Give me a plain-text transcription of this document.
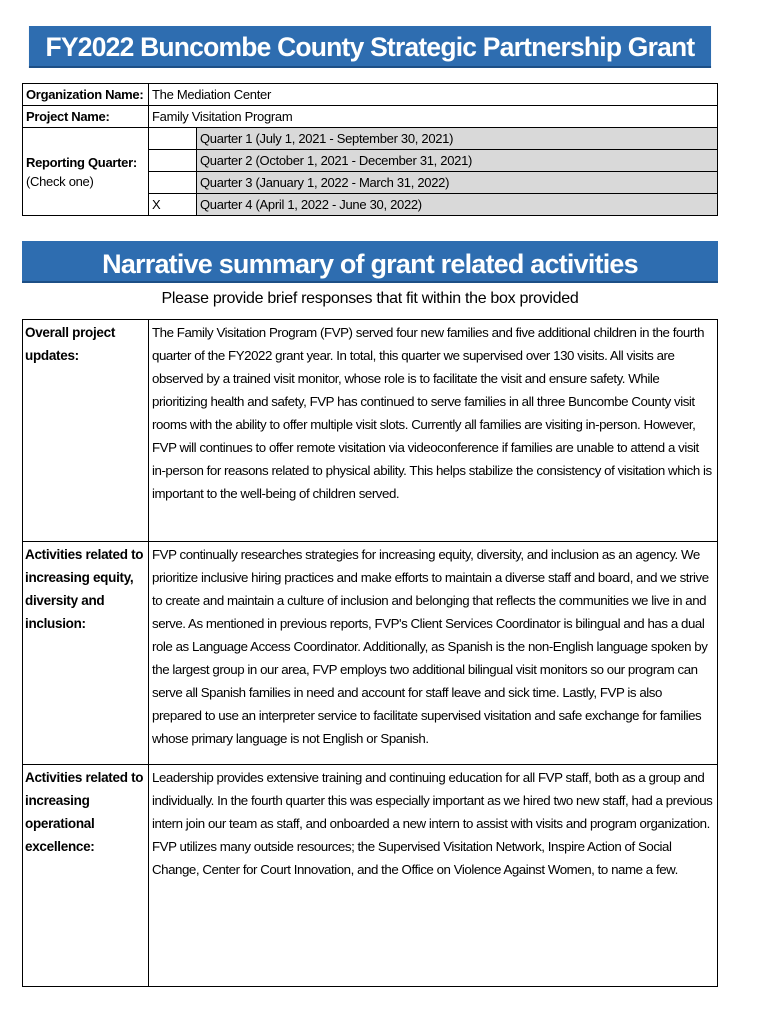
FY2022 Buncombe County Strategic Partnership Grant Report
Organization Name:	The Mediation Center	
Project Name:	Family Visitation Program	

Reporting Quarter:
(Check one)		Quarter 1 (July 1, 2021 - September 30, 2021)
		Quarter 2 (October 1, 2021 - December 31, 2021)
		Quarter 3 (January 1, 2022 - March 31, 2022)
	X	Quarter 4 (April 1, 2022 - June 30, 2022)
Narrative summary of grant related activities
Please provide brief responses that fit within the box provided
Overall project updates:
The Family Visitation Program (FVP) served four new families and five additional children in the fourth quarter of the FY2022 grant year. In total, this quarter we supervised over 130 visits. All visits are observed by a trained visit monitor, whose role is to facilitate the visit and ensure safety. While prioritizing health and safety, FVP has continued to serve families in all three Buncombe County visit rooms with the ability to offer multiple visit slots. Currently all families are visiting in-person. However, FVP will continues to offer remote visitation via videoconference if families are unable to attend a visit in-person for reasons related to physical ability. This helps stabilize the consistency of visitation which is important to the well-being of children served.
Activities related to increasing equity, diversity and inclusion:
FVP continually researches strategies for increasing equity, diversity, and inclusion as an agency. We prioritize inclusive hiring practices and make efforts to maintain a diverse staff and board, and we strive to create and maintain a culture of inclusion and belonging that reflects the communities we live in and serve. As mentioned in previous reports, FVP's Client Services Coordinator is bilingual and has a dual role as Language Access Coordinator. Additionally, as Spanish is the non-English language spoken by the largest group in our area, FVP employs two additional bilingual visit monitors so our program can serve all Spanish families in need and account for staff leave and sick time. Lastly, FVP is also prepared to use an interpreter service to facilitate supervised visitation and safe exchange for families whose primary language is not English or Spanish.
Activities related to increasing operational excellence:
Leadership provides extensive training and continuing education for all FVP staff, both as a group and individually. In the fourth quarter this was especially important as we hired two new staff, had a previous intern join our team as staff, and onboarded a new intern to assist with visits and program organization. FVP utilizes many outside resources; the Supervised Visitation Network, Inspire Action of Social Change, Center for Court Innovation, and the Office on Violence Against Women, to name a few.
